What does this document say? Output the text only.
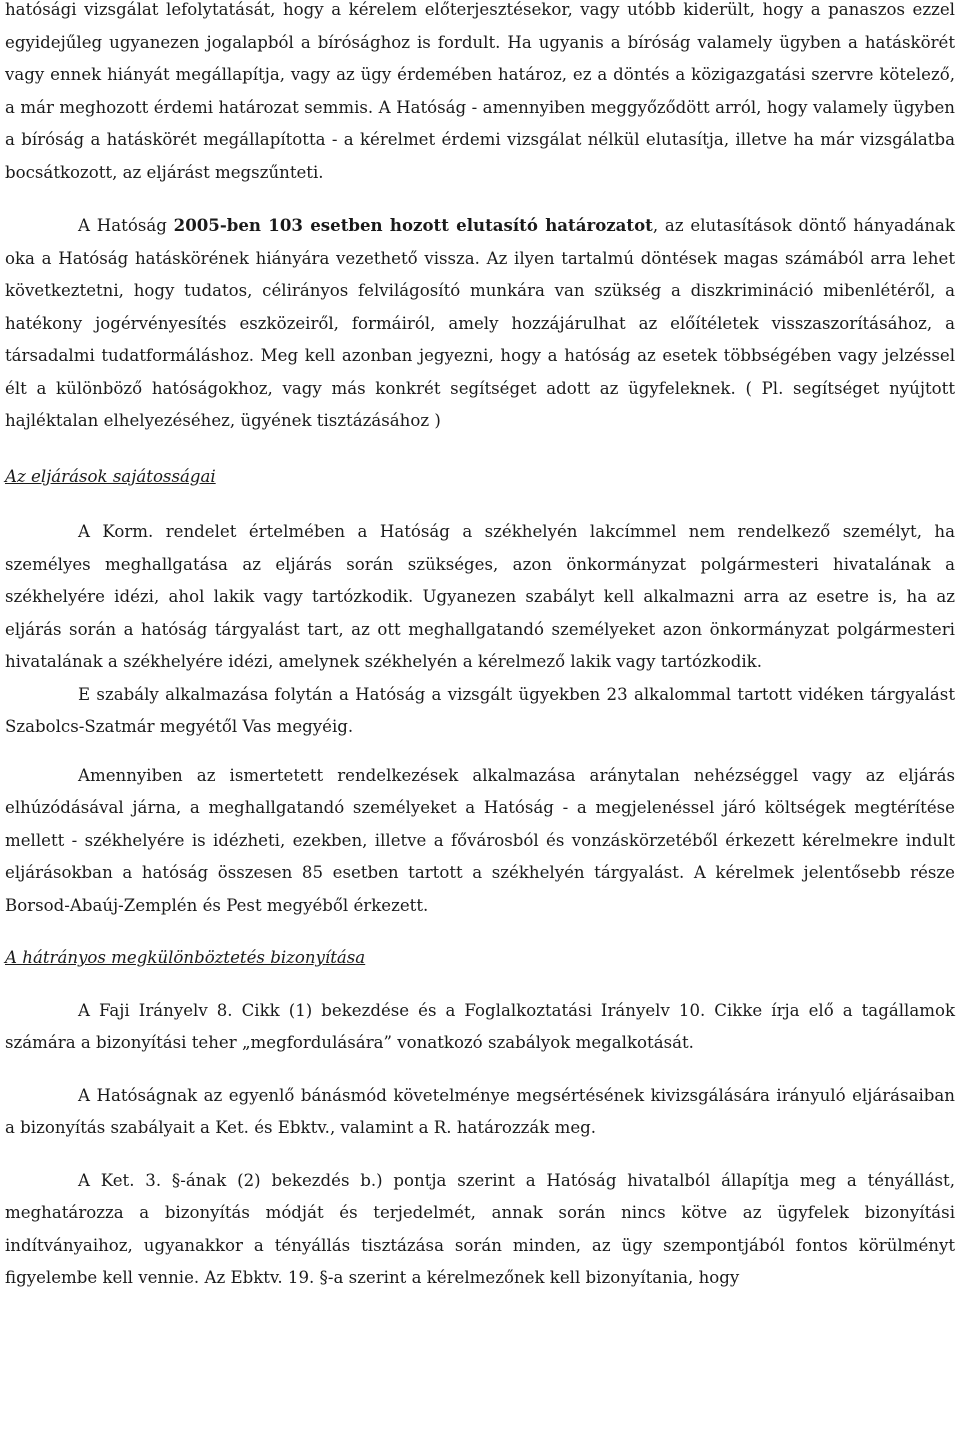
hatósági vizsgálat lefolytatását, hogy a kérelem előterjesztésekor, vagy utóbb kiderült, hogy a panaszos ezzel egyidejűleg ugyanezen jogalapból a bírósághoz is fordult. Ha ugyanis a bíróság valamely ügyben a hatáskörét vagy ennek hiányát megállapítja, vagy az ügy érdemében határoz, ez a döntés a közigazgatási szervre kötelező, a már meghozott érdemi határozat semmis. A Hatóság - amennyiben meggyőződött arról, hogy valamely ügyben a bíróság a hatáskörét megállapította - a kérelmet érdemi vizsgálat nélkül elutasítja, illetve ha már vizsgálatba bocsátkozott, az eljárást megszűnteti.

A Hatóság 2005-ben 103 esetben hozott elutasító határozatot, az elutasítások döntő hányadának oka a Hatóság hatáskörének hiányára vezethető vissza. Az ilyen tartalmú döntések magas számából arra lehet következtetni, hogy tudatos, célirányos felvilágosító munkára van szükség a diszkrimináció mibenlétéről, a hatékony jogérvényesítés eszközeiről, formáiról, amely hozzájárulhat az előítéletek visszaszorításához, a társadalmi tudatformáláshoz. Meg kell azonban jegyezni, hogy a hatóság az esetek többségében vagy jelzéssel élt a különböző hatóságokhoz, vagy más konkrét segítséget adott az ügyfeleknek. ( Pl. segítséget nyújtott hajléktalan elhelyezéséhez, ügyének tisztázásához )

Az eljárások sajátosságai

A Korm. rendelet értelmében a Hatóság a székhelyén lakcímmel nem rendelkező személyt, ha személyes meghallgatása az eljárás során szükséges, azon önkormányzat polgármesteri hivatalának a székhelyére idézi, ahol lakik vagy tartózkodik. Ugyanezen szabályt kell alkalmazni arra az esetre is, ha az eljárás során a hatóság tárgyalást tart, az ott meghallgatandó személyeket azon önkormányzat polgármesteri hivatalának a székhelyére idézi, amelynek székhelyén a kérelmező lakik vagy tartózkodik.

E szabály alkalmazása folytán a Hatóság a vizsgált ügyekben 23 alkalommal tartott vidéken tárgyalást Szabolcs-Szatmár megyétől Vas megyéig.

Amennyiben az ismertetett rendelkezések alkalmazása aránytalan nehézséggel vagy az eljárás elhúzódásával járna, a meghallgatandó személyeket a Hatóság - a megjelenéssel járó költségek megtérítése mellett - székhelyére is idézheti, ezekben, illetve a fővárosból és vonzáskörzetéből érkezett kérelmekre indult eljárásokban a hatóság összesen 85 esetben tartott a székhelyén tárgyalást. A kérelmek jelentősebb része Borsod-Abaúj-Zemplén és Pest megyéből érkezett.

A hátrányos megkülönböztetés bizonyítása

A Faji Irányelv 8. Cikk (1) bekezdése és a Foglalkoztatási Irányelv 10. Cikke írja elő a tagállamok számára a bizonyítási teher „megfordulására” vonatkozó szabályok megalkotását.

A Hatóságnak az egyenlő bánásmód követelménye megsértésének kivizsgálására irányuló eljárásaiban a bizonyítás szabályait a Ket. és Ebktv., valamint a R. határozzák meg.

A Ket. 3. §-ának (2) bekezdés b.) pontja szerint a Hatóság hivatalból állapítja meg a tényállást, meghatározza a bizonyítás módját és terjedelmét, annak során nincs kötve az ügyfelek bizonyítási indítványaihoz, ugyanakkor a tényállás tisztázása során minden, az ügy szempontjából fontos körülményt figyelembe kell vennie. Az Ebktv. 19. §-a szerint a kérelmezőnek kell bizonyítania, hogy
